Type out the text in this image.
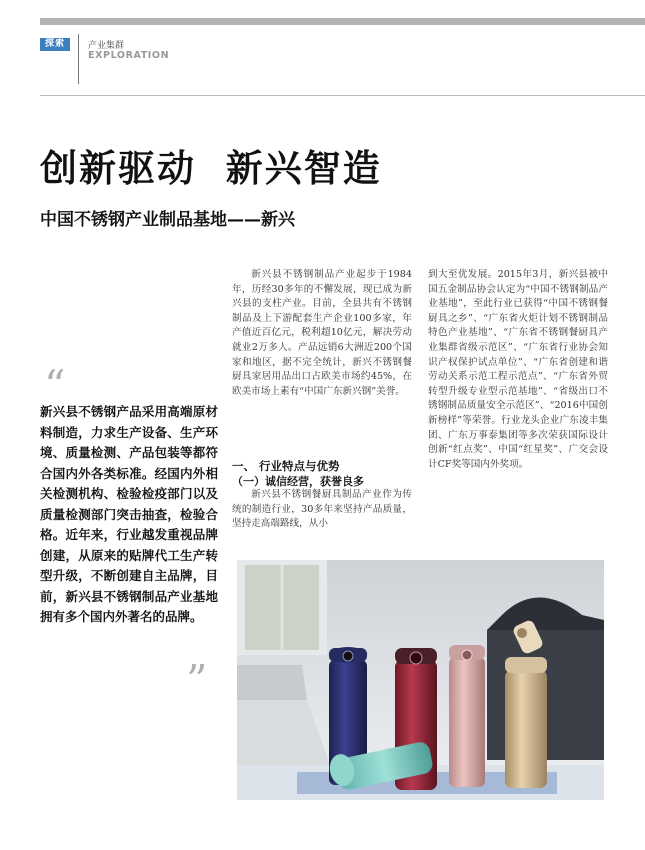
探索	产业集群
EXPLORATION
创新驱动  新兴智造
中国不锈钢产业制品基地——新兴
“
新兴县不锈钢产品采用高端原材料制造，力求生产设备、生产环境、质量检测、产品包装等都符合国内外各类标准。经国内外相关检测机构、检验检疫部门以及质量检测部门突击抽查，检验合格。近年来，行业越发重视品牌创建，从原来的贴牌代工生产转型升级，不断创建自主品牌，目前，新兴县不锈钢制品产业基地拥有多个国内外著名的品牌。
”

新兴县不锈钢制品产业起步于1984年，历经30多年的不懈发展，现已成为新兴县的支柱产业。目前，全县共有不锈钢制品及上下游配套生产企业100多家，年产值近百亿元，税利超10亿元，解决劳动就业2万多人。产品远销6大洲近200个国家和地区，据不完全统计，新兴不锈钢餐厨具家居用品出口占欧美市场约45%，在欧美市场上素有“中国广东新兴钢”美誉。

一、 行业特点与优势
（一）诚信经营，获誉良多

新兴县不锈钢餐厨具制品产业作为传统的制造行业，30多年来坚持产品质量，坚持走高端路线，从小

到大至优发展。2015年3月，新兴县被中国五金制品协会认定为“中国不锈钢制品产业基地”，至此行业已获得“中国不锈钢餐厨具之乡”、“广东省火炬计划不锈钢制品特色产业基地”、“广东省不锈钢餐厨具产业集群省级示范区”、“广东省行业协会知识产权保护试点单位”、“广东省创建和谐劳动关系示范工程示范点”、“广东省外贸转型升级专业型示范基地”、“省级出口不锈钢制品质量安全示范区”、“2016中国创新榜样”等荣誉。行业龙头企业广东凌丰集团、广东万事泰集团等多次荣获国际设计创新“红点奖”、中国“红星奖”、广交会设计CF奖等国内外奖项。
